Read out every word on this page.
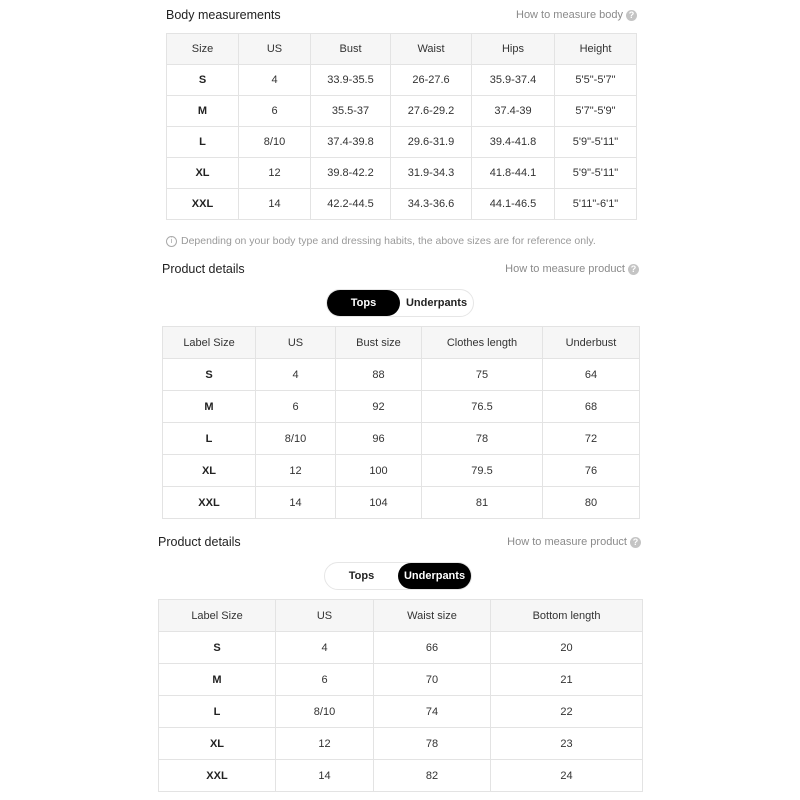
Body measurements	How to measure body ?
Size	US	Bust	Waist	Hips	Height
S	4	33.9-35.5	26-27.6	35.9-37.4	5'5"-5'7"
M	6	35.5-37	27.6-29.2	37.4-39	5'7"-5'9"
L	8/10	37.4-39.8	29.6-31.9	39.4-41.8	5'9"-5'11"
XL	12	39.8-42.2	31.9-34.3	41.8-44.1	5'9"-5'11"
XXL	14	42.2-44.5	34.3-36.6	44.1-46.5	5'11"-6'1"
i Depending on your body type and dressing habits, the above sizes are for reference only.
Product details	How to measure product ?
Tops	Underpants
Label Size	US	Bust size	Clothes length	Underbust
S	4	88	75	64
M	6	92	76.5	68
L	8/10	96	78	72
XL	12	100	79.5	76
XXL	14	104	81	80
Product details	How to measure product ?
Tops	Underpants
Label Size	US	Waist size	Bottom length
S	4	66	20
M	6	70	21
L	8/10	74	22
XL	12	78	23
XXL	14	82	24
